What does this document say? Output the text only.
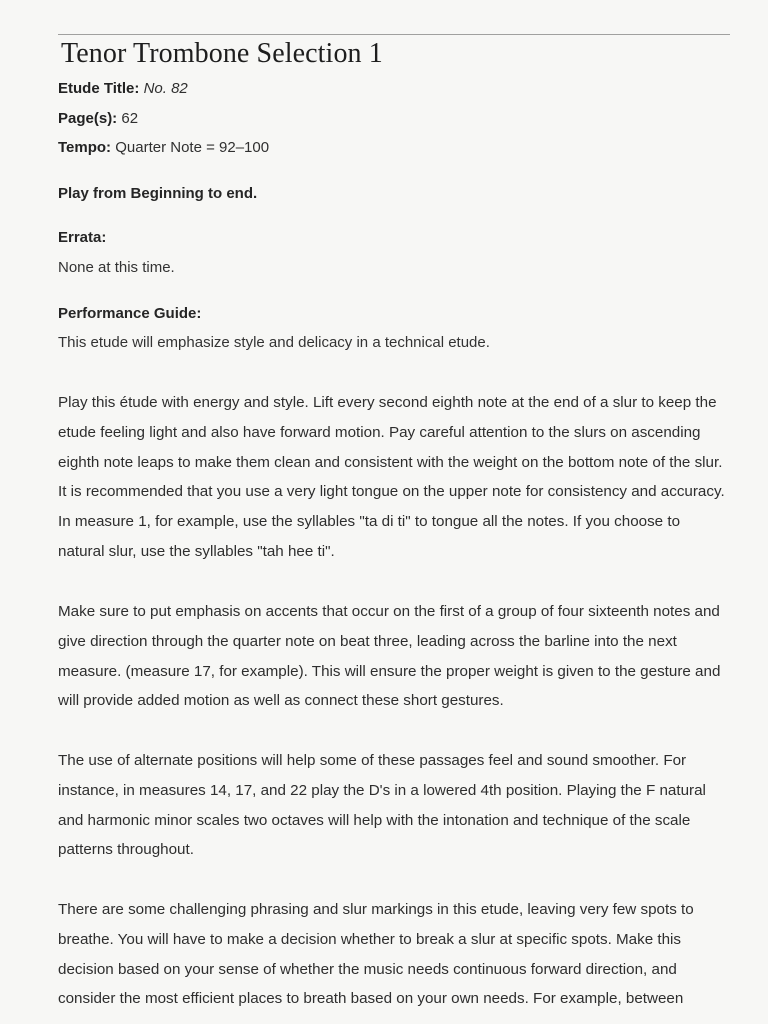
Tenor Trombone Selection 1
Etude Title: No. 82
Page(s): 62
Tempo: Quarter Note = 92–100
Play from Beginning to end.
Errata:
None at this time.
Performance Guide:
This etude will emphasize style and delicacy in a technical etude.

Play this étude with energy and style. Lift every second eighth note at the end of a slur to keep the etude feeling light and also have forward motion. Pay careful attention to the slurs on ascending eighth note leaps to make them clean and consistent with the weight on the bottom note of the slur. It is recommended that you use a very light tongue on the upper note for consistency and accuracy. In measure 1, for example, use the syllables "ta di ti" to tongue all the notes. If you choose to natural slur, use the syllables "tah hee ti".

Make sure to put emphasis on accents that occur on the first of a group of four sixteenth notes and give direction through the quarter note on beat three, leading across the barline into the next measure. (measure 17, for example). This will ensure the proper weight is given to the gesture and will provide added motion as well as connect these short gestures.

The use of alternate positions will help some of these passages feel and sound smoother. For instance, in measures 14, 17, and 22 play the D's in a lowered 4th position. Playing the F natural and harmonic minor scales two octaves will help with the intonation and technique of the scale patterns throughout.

There are some challenging phrasing and slur markings in this etude, leaving very few spots to breathe. You will have to make a decision whether to break a slur at specific spots. Make this decision based on your sense of whether the music needs continuous forward direction, and consider the most efficient places to breath based on your own needs. For example, between
